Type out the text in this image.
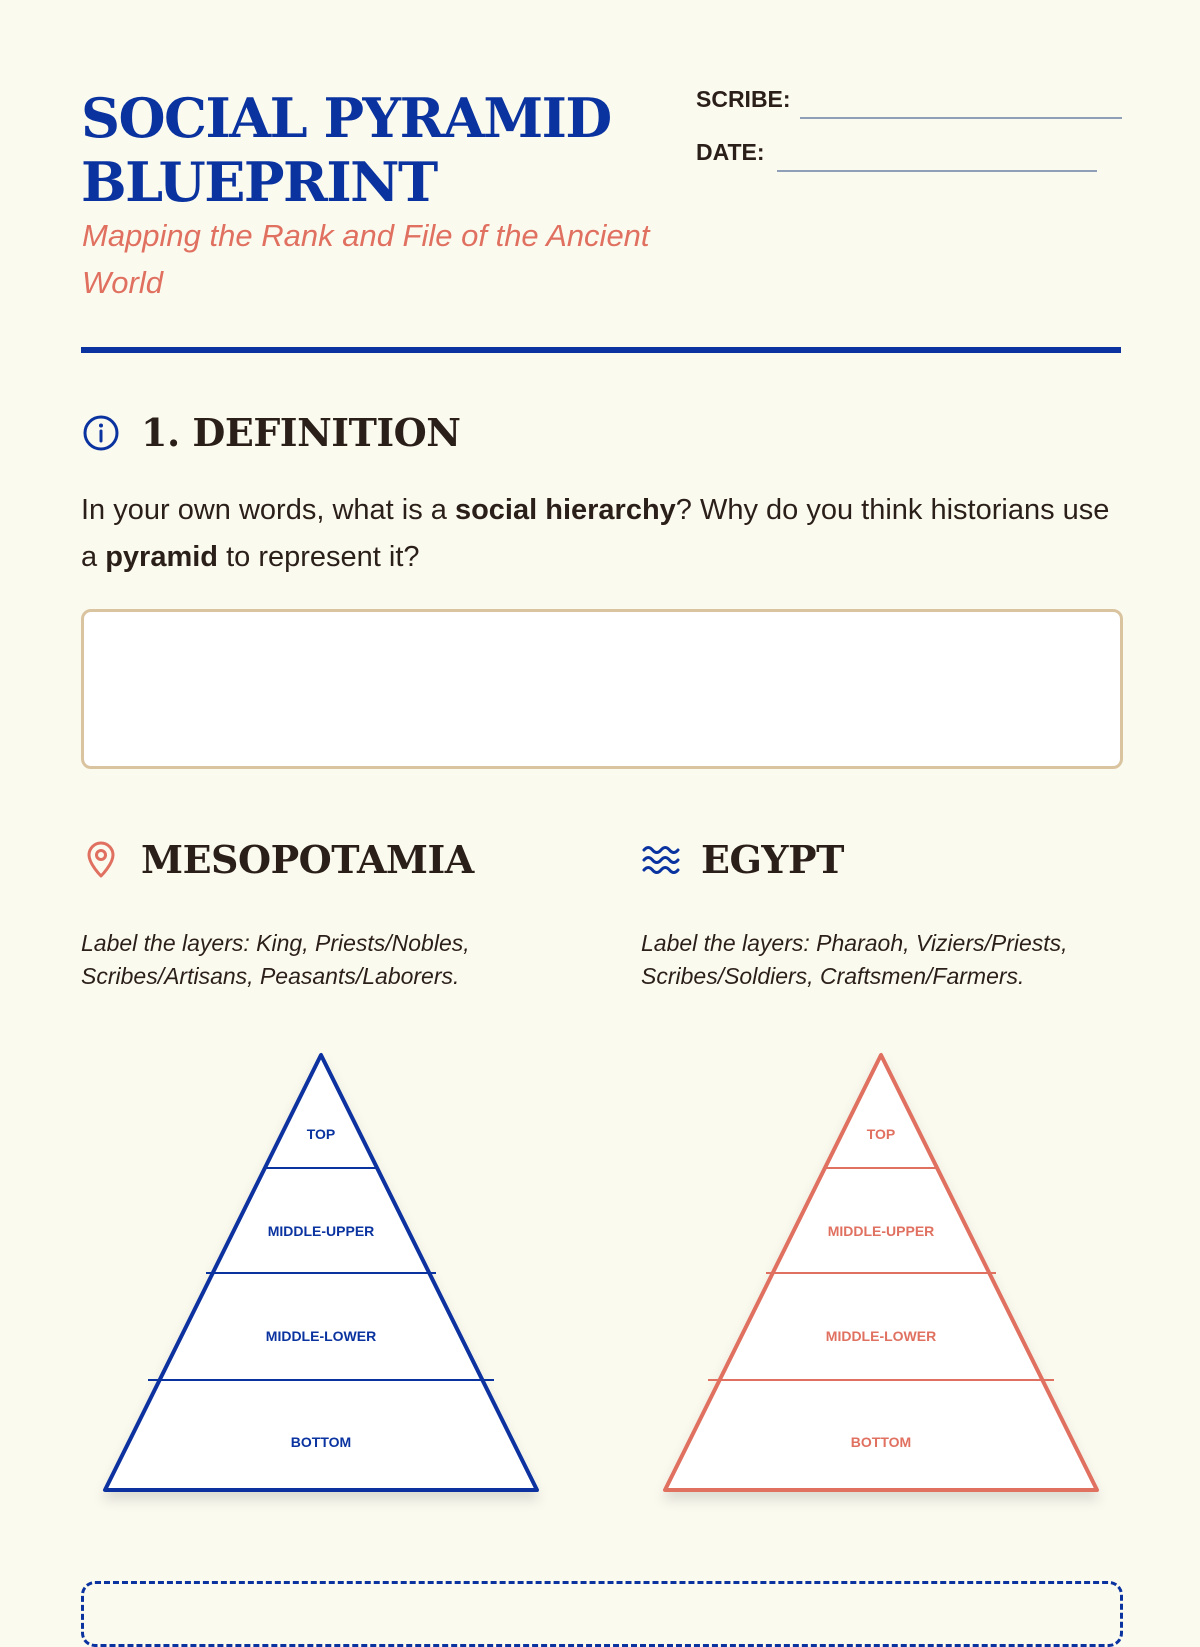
SOCIAL PYRAMID
BLUEPRINT
Mapping the Rank and File of the Ancient World
SCRIBE:
DATE:
1. DEFINITION
In your own words, what is a social hierarchy? Why do you think historians use a pyramid to represent it?
MESOPOTAMIA	EGYPT
Label the layers: King, Priests/Nobles, Scribes/Artisans, Peasants/Laborers.
Label the layers: Pharaoh, Viziers/Priests, Scribes/Soldiers, Craftsmen/Farmers.
TOP
MIDDLE-UPPER
MIDDLE-LOWER
BOTTOM
TOP
MIDDLE-UPPER
MIDDLE-LOWER
BOTTOM
